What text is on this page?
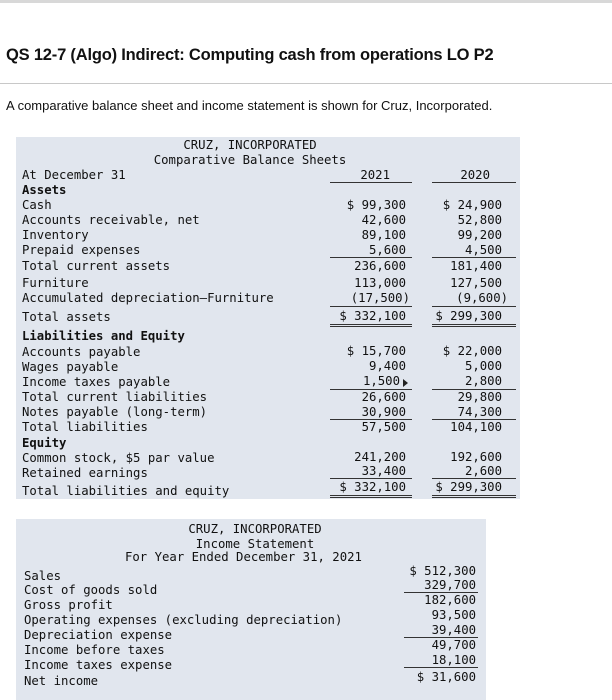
QS 12-7 (Algo) Indirect: Computing cash from operations LO P2
A comparative balance sheet and income statement is shown for Cruz, Incorporated.
CRUZ, INCORPORATED
Comparative Balance Sheets
At December 31	2021	2020
Assets
Cash	$ 99,300	$ 24,900
Accounts receivable, net	42,600	52,800
Inventory	89,100	99,200
Prepaid expenses	5,600	4,500
Total current assets	236,600	181,400
Furniture	113,000	127,500
Accumulated depreciation—Furniture	(17,500)	(9,600)
Total assets	$ 332,100	$ 299,300
Liabilities and Equity
Accounts payable	$ 15,700	$ 22,000
Wages payable	9,400	5,000
Income taxes payable	1,500	2,800
Total current liabilities	26,600	29,800
Notes payable (long-term)	30,900	74,300
Total liabilities	57,500	104,100
Equity
Common stock, $5 par value	241,200	192,600
Retained earnings	33,400	2,600
Total liabilities and equity	$ 332,100	$ 299,300
CRUZ, INCORPORATED
Income Statement
For Year Ended December 31, 2021
Sales	$ 512,300
Cost of goods sold	329,700
Gross profit	182,600
Operating expenses (excluding depreciation)	93,500
Depreciation expense	39,400
Income before taxes	49,700
Income taxes expense	18,100
Net income	$ 31,600
